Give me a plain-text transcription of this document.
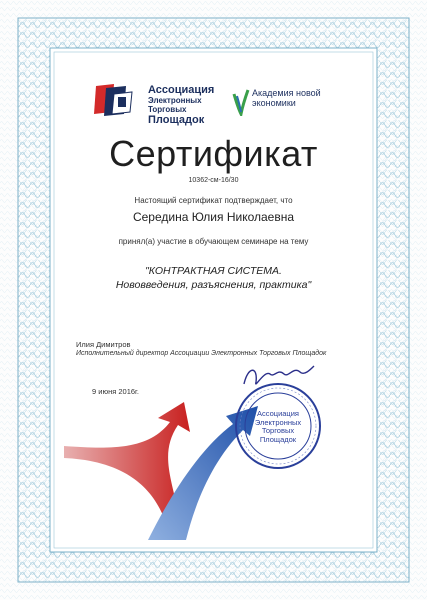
Ассоциация
Электронных
Торговых
Площадок
Академия новой
экономики
Сертификат
10362-см-16/30
Настоящий сертификат подтверждает, что
Середина Юлия Николаевна
принял(а) участие в обучающем семинаре на тему
"КОНТРАКТНАЯ СИСТЕМА.
Нововведения, разъяснения, практика"
Илия Димитров
Исполнительный директор Ассоциации Электронных Торговых Площадок
9 июня 2016г.
Ассоциация
Электронных
Торговых
Площадок
